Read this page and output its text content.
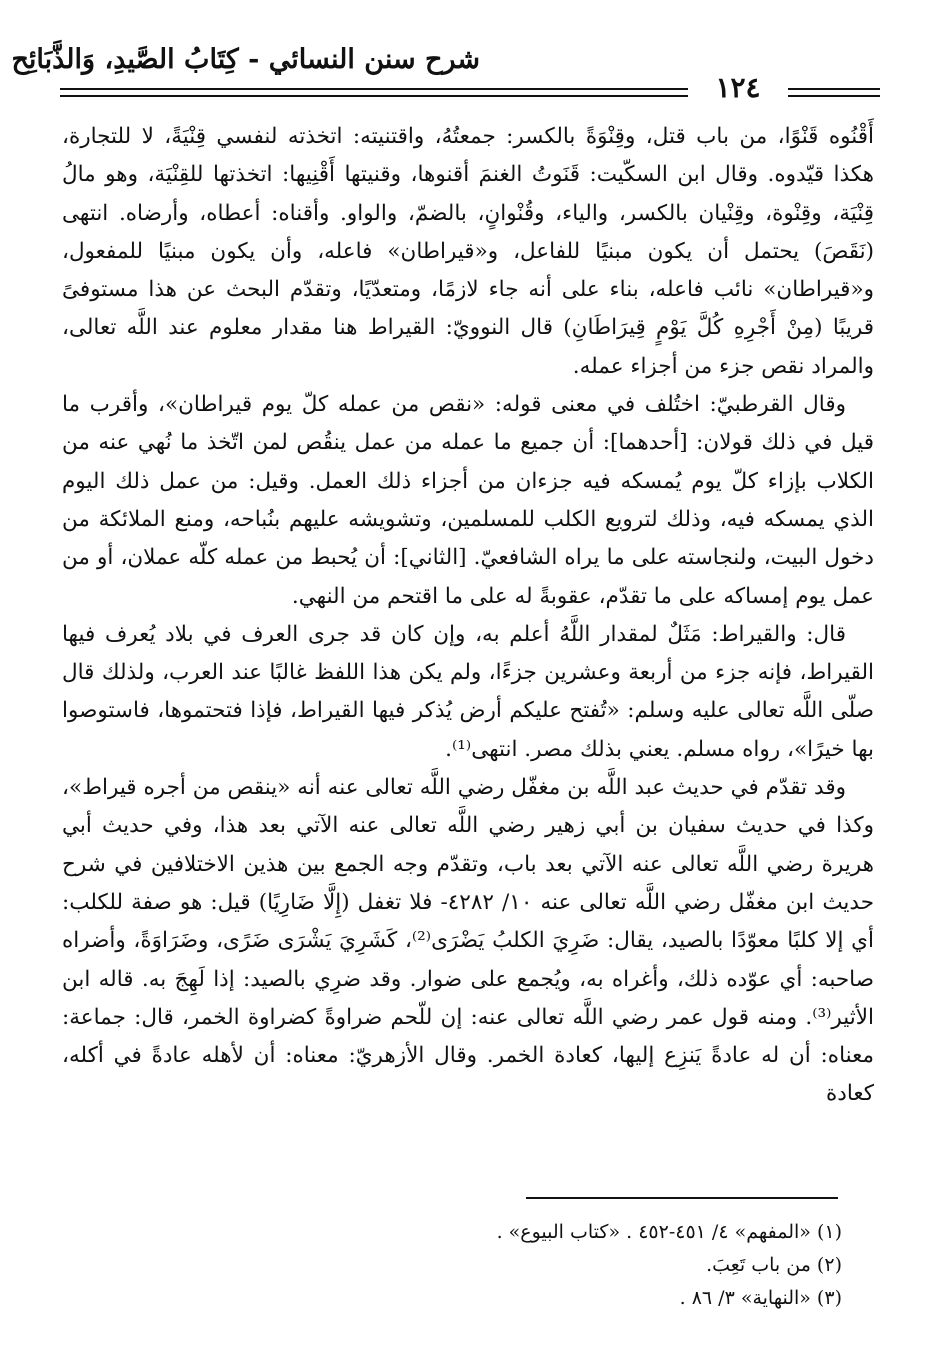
شرح سنن النسائي - كِتَابُ الصَّيدِ، وَالذَّبَائِح
١٢٤

أَقْنُوه قَنْوًا، من باب قتل، وقِنْوَةً بالكسر: جمعتُهُ، واقتنيته: اتخذته لنفسي قِنْيَةً، لا للتجارة، هكذا قيّدوه. وقال ابن السكّيت: قَنَوتُ الغنمَ أقنوها، وقنيتها أَقْنِيها: اتخذتها للقِنْيَة، وهو مالُ قِنْيَة، وقِنْوة، وقِنْيان بالكسر، والياء، وقُنْوانٍ، بالضمّ، والواو. وأقناه: أعطاه، وأرضاه. انتهى (نَقَصَ) يحتمل أن يكون مبنيًا للفاعل، و«قيراطان» فاعله، وأن يكون مبنيًا للمفعول، و«قيراطان» نائب فاعله، بناء على أنه جاء لازمًا، ومتعدّيًا، وتقدّم البحث عن هذا مستوفىً قريبًا (مِنْ أَجْرِهِ كُلَّ يَوْمٍ قِيرَاطَانِ) قال النوويّ: القيراط هنا مقدار معلوم عند اللَّه تعالى، والمراد نقص جزء من أجزاء عمله.

وقال القرطبيّ: اختُلف في معنى قوله: «نقص من عمله كلّ يوم قيراطان»، وأقرب ما قيل في ذلك قولان: [أحدهما]: أن جميع ما عمله من عمل ينقُص لمن اتّخذ ما نُهي عنه من الكلاب بإزاء كلّ يوم يُمسكه فيه جزءان من أجزاء ذلك العمل. وقيل: من عمل ذلك اليوم الذي يمسكه فيه، وذلك لترويع الكلب للمسلمين، وتشويشه عليهم بنُباحه، ومنع الملائكة من دخول البيت، ولنجاسته على ما يراه الشافعيّ. [الثاني]: أن يُحبط من عمله كلّه عملان، أو من عمل يوم إمساكه على ما تقدّم، عقوبةً له على ما اقتحم من النهي.

قال: والقيراط: مَثَلٌ لمقدار اللَّهُ أعلم به، وإن كان قد جرى العرف في بلاد يُعرف فيها القيراط، فإنه جزء من أربعة وعشرين جزءًا، ولم يكن هذا اللفظ غالبًا عند العرب، ولذلك قال صلّى اللَّه تعالى عليه وسلم: «تُفتح عليكم أرض يُذكر فيها القيراط، فإذا فتحتموها، فاستوصوا بها خيرًا»، رواه مسلم. يعني بذلك مصر. انتهى⁽¹⁾.

وقد تقدّم في حديث عبد اللَّه بن مغفّل رضي اللَّه تعالى عنه أنه «ينقص من أجره قيراط»، وكذا في حديث سفيان بن أبي زهير رضي اللَّه تعالى عنه الآتي بعد هذا، وفي حديث أبي هريرة رضي اللَّه تعالى عنه الآتي بعد باب، وتقدّم وجه الجمع بين هذين الاختلافين في شرح حديث ابن مغفّل رضي اللَّه تعالى عنه ١٠/ ٤٢٨٢- فلا تغفل (إِلَّا ضَارِيًا) قيل: هو صفة للكلب: أي إلا كلبًا معوّدًا بالصيد، يقال: ضَرِيَ الكلبُ يَضْرَى⁽²⁾، كَشَرِيَ يَشْرَى ضَرًى، وضَرَاوَةً، وأضراه صاحبه: أي عوّده ذلك، وأغراه به، ويُجمع على ضوار. وقد ضرِي بالصيد: إذا لَهِجَ به. قاله ابن الأثير⁽³⁾. ومنه قول عمر رضي اللَّه تعالى عنه: إن للّحم ضراوةً كضراوة الخمر، قال: جماعة: معناه: أن له عادةً يَنزِع إليها، كعادة الخمر. وقال الأزهريّ: معناه: أن لأهله عادةً في أكله، كعادة

(١) «المفهم» ٤/ ٤٥١-٤٥٢ . «كتاب البيوع» .
(٢) من باب تَعِبَ.
(٣) «النهاية» ٣/ ٨٦ .
